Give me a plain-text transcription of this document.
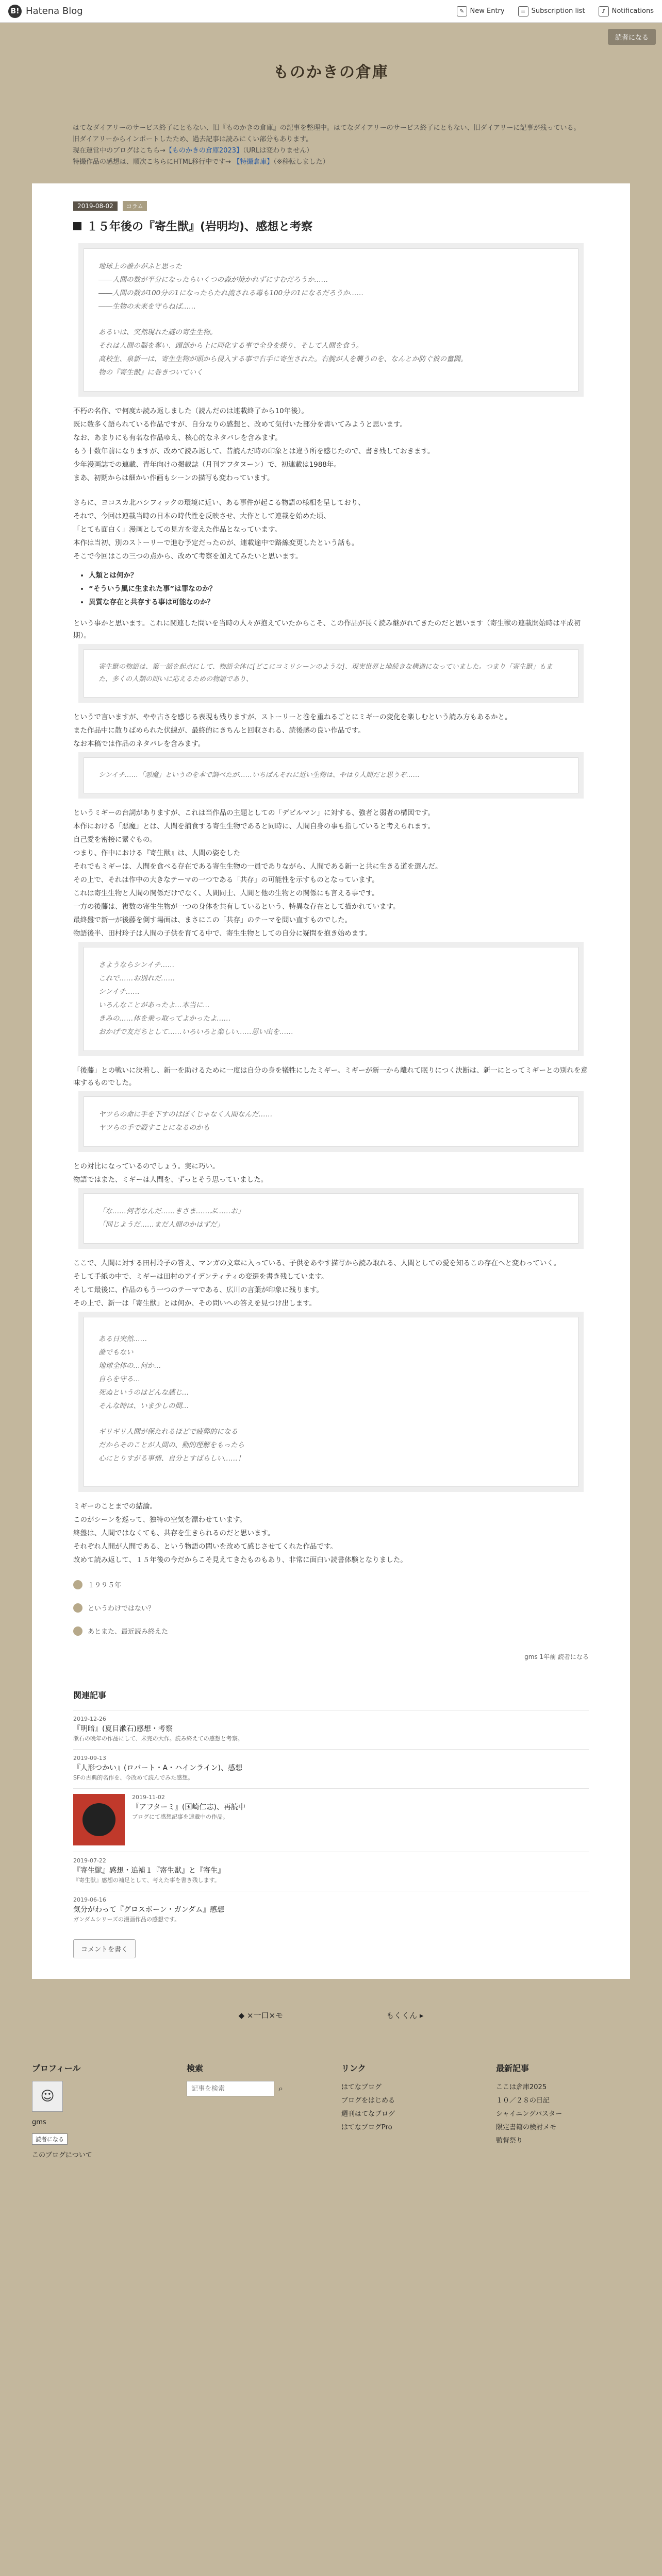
B! Hatena Blog	✎ New Entry	≡ Subscription list	♪ Notifications
読者になる
ものかきの倉庫
はてなダイアリーのサービス終了にともない、旧『ものかきの倉庫』の記事を整理中。はてなダイアリーのサービス終了にともない、旧ダイアリーに記事が残っている。
旧ダイアリーからインポートしたため、過去記事は読みにくい部分もあります。
現在運営中のブログはこちら→【ものかきの倉庫2023】（URLは変わりません）
特撮作品の感想は、順次こちらにHTML移行中です→ 【特撮倉庫】（※移転しました）
2019-08-02 コラム
１５年後の『寄生獣』(岩明均)、感想と考察

地球上の誰かがふと思った

――人間の数が半分になったらいくつの森が焼かれずにすむだろうか……

――人間の数が100分の1になったらたれ流される毒も100分の1になるだろうか……

――生物の未来を守らねば……

あるいは、突然現れた謎の寄生生物。

それは人間の脳を奪い、頭部から上に同化する事で全身を操り、そして人間を食う。

高校生、泉新一は、寄生生物が頭から侵入する事で右手に寄生された。右腕が人を襲うのを、なんとか防ぐ彼の奮闘。

物の『寄生獣』に巻きついていく

不朽の名作、で何度か読み返しました（読んだのは連載終了から10年後）。

既に数多く語られている作品ですが、自分なりの感想と、改めて気付いた部分を書いてみようと思います。

なお、あまりにも有名な作品ゆえ、核心的なネタバレを含みます。

もう十数年前になりますが、改めて読み返して、昔読んだ時の印象とは違う所を感じたので、書き残しておきます。

少年漫画誌での連載、青年向けの掲載誌（月刊アフタヌーン）で、初連載は1988年。

まあ、初期からは細かい作画もシーンの描写も変わっています。

さらに、ヨコスカ北パシフィックの環境に近い、ある事件が起こる物語の様相を呈しており、

それで、今回は連載当時の日本の時代性を反映させ、大作として連載を始めた頃、

「とても面白く」漫画としての見方を変えた作品となっています。

本作は当初、別のストーリーで進む予定だったのが、連載途中で路線変更したという話も。

そこで今回はこの三つの点から、改めて考察を加えてみたいと思います。

• 人類とは何か？
• “そういう風に生まれた事”は罪なのか？
• 異質な存在と共存する事は可能なのか？

という事かと思います。これに関連した問いを当時の人々が抱えていたからこそ、この作品が長く読み継がれてきたのだと思います（寄生獣の連載開始時は平成初期）。

寄生獣の物語は、第一話を起点にして、物語全体に[どこにコミリシーンのような]、現実世界と地続きな構造になっていました。つまり「寄生獣」もまた、多くの人類の問いに応えるための物語であり、

というで言いますが、やや古さを感じる表現も残りますが、ストーリーと巻を重ねるごとにミギーの変化を楽しむという読み方もあるかと。

また作品中に散りばめられた伏線が、最終的にきちんと回収される、読後感の良い作品です。

なお本稿では作品のネタバレを含みます。

シンイチ……「悪魔」というのを本で調べたが……いちばんそれに近い生物は、やはり人間だと思うぞ……

というミギーの台詞がありますが、これは当作品の主題としての「デビルマン」に対する、強者と弱者の構図です。

本作における「悪魔」とは、人間を捕食する寄生生物であると同時に、人間自身の事も指していると考えられます。

自己愛を密接に繋ぐもの。

つまり、作中における『寄生獣』は、人間の姿をした

それでもミギーは、人間を食べる存在である寄生生物の一員でありながら、人間である新一と共に生きる道を選んだ。

その上で、それは作中の大きなテーマの一つである「共存」の可能性を示すものとなっています。

これは寄生生物と人間の関係だけでなく、人間同士、人間と他の生物との関係にも言える事です。

一方の後藤は、複数の寄生生物が一つの身体を共有しているという、特異な存在として描かれています。

最終盤で新一が後藤を倒す場面は、まさにこの「共存」のテーマを問い直すものでした。

物語後半、田村玲子は人間の子供を育てる中で、寄生生物としての自分に疑問を抱き始めます。

さようならシンイチ……

これで……お別れだ……

シンイチ……

いろんなことがあったよ…本当に…

きみの……体を乗っ取ってよかったよ……

おかげで友だちとして……いろいろと楽しい……思い出を……

「後藤」との戦いに決着し、新一を助けるために一度は自分の身を犠牲にしたミギー。ミギーが新一から離れて眠りにつく決断は、新一にとってミギーとの別れを意味するものでした。

ヤツらの命に手を下すのはぼくじゃなく人間なんだ……

ヤツらの手で殺すことになるのかも

との対比になっているのでしょう。実に巧い。

物語ではまた、ミギーは人間を、ずっとそう思っていました。

「な……何者なんだ……きさま……ぶ……お」

「同じようだ……まだ人間のかはずだ」

ここで、人間に対する田村玲子の答え、マンガの文章に入っている、子供をあやす描写から読み取れる、人間としての愛を知るこの存在へと変わっていく。

そして手紙の中で、ミギーは田村のアイデンティティの変遷を書き残しています。

そして最後に、作品のもう一つのテーマである、広川の言葉が印象に残ります。

その上で、新一は「寄生獣」とは何か、その問いへの答えを見つけ出します。

ある日突然……

誰でもない

地球全体の…何か…

自らを守る…

死ぬというのはどんな感じ…

そんな時は、いま少しの間…

ギリギリ人間が保たれるほどで疲弊的になる

だからそのことが人間の、動的理解をもったら

心にとりすがる事情、自分とすばらしい……！

ミギーのことまでの結論。

このがシーンを巡って、独特の空気を漂わせています。

終盤は、人間ではなくても、共存を生きられるのだと思います。

それぞれ人間が人間である、という物語の問いを改めて感じさせてくれた作品です。

改めて読み返して、１５年後の今だからこそ見えてきたものもあり、非常に面白い読書体験となりました。

１９９５年
というわけではない？
あとまた、最近読み終えた
gms 1年前 読者になる
関連記事
2019-12-26
『明暗』(夏目漱石)感想・考察
漱石の晩年の作品にして、未完の大作。読み終えての感想と考察。
2019-09-13
『人形つかい』(ロバート・A・ハインライン)、感想
SFの古典的名作を、今改めて読んでみた感想。
2019-11-02
『アフターミ』(国崎仁志)、再読中
ブログにて感想記事を連載中の作品。
2019-07-22
『寄生獣』感想・追補１『寄生獣』と『寄生』
『寄生獣』感想の補足として、考えた事を書き残します。
2019-06-16
気分がわって『グロスボーン・ガンダム』感想
ガンダムシリーズの漫画作品の感想です。
コメントを書く
◆ ×一口×モ	もくくん ▸
プロフィール
☺
gms
読者になる
このブログについて
検索
記事を検索
⌕
リンク
はてなブログ
ブログをはじめる
週刊はてなブログ
はてなブログPro
最新記事
ここは倉庫2025
１０／２８の日記
シャイニングパスター
限定書籍の検討メモ
監督祭り
